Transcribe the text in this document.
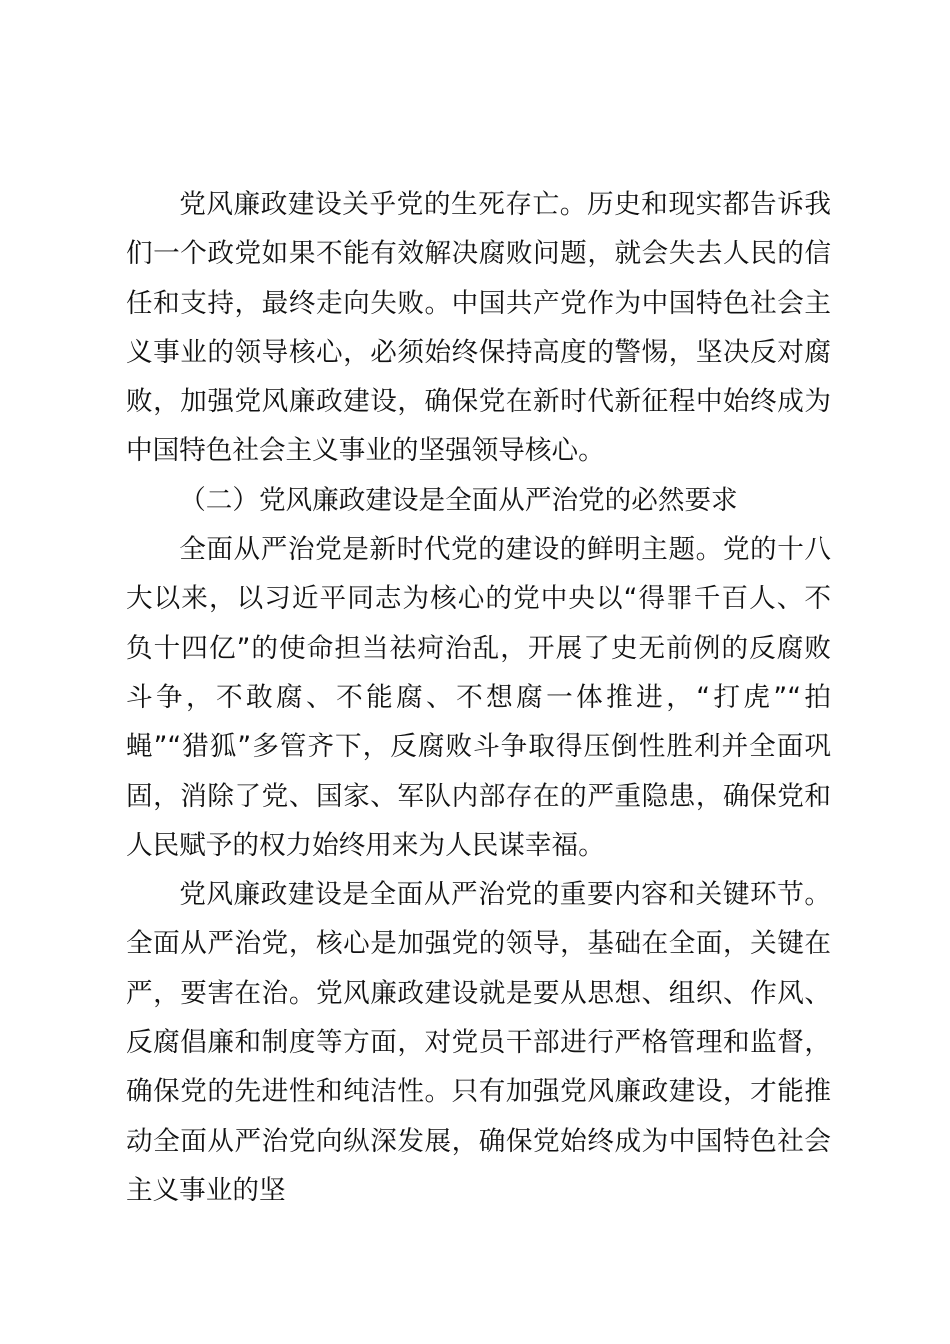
党风廉政建设关乎党的生死存亡。历史和现实都告诉我们一个政党如果不能有效解决腐败问题，就会失去人民的信任和支持，最终走向失败。中国共产党作为中国特色社会主义事业的领导核心，必须始终保持高度的警惕，坚决反对腐败，加强党风廉政建设，确保党在新时代新征程中始终成为中国特色社会主义事业的坚强领导核心。

（二）党风廉政建设是全面从严治党的必然要求

全面从严治党是新时代党的建设的鲜明主题。党的十八大以来，以习近平同志为核心的党中央以“得罪千百人、不负十四亿”的使命担当祛疴治乱，开展了史无前例的反腐败斗争，不敢腐、不能腐、不想腐一体推进，“打虎”“拍蝇”“猎狐”多管齐下，反腐败斗争取得压倒性胜利并全面巩固，消除了党、国家、军队内部存在的严重隐患，确保党和人民赋予的权力始终用来为人民谋幸福。

党风廉政建设是全面从严治党的重要内容和关键环节。全面从严治党，核心是加强党的领导，基础在全面，关键在严，要害在治。党风廉政建设就是要从思想、组织、作风、反腐倡廉和制度等方面，对党员干部进行严格管理和监督，确保党的先进性和纯洁性。只有加强党风廉政建设，才能推动全面从严治党向纵深发展，确保党始终成为中国特色社会主义事业的坚
